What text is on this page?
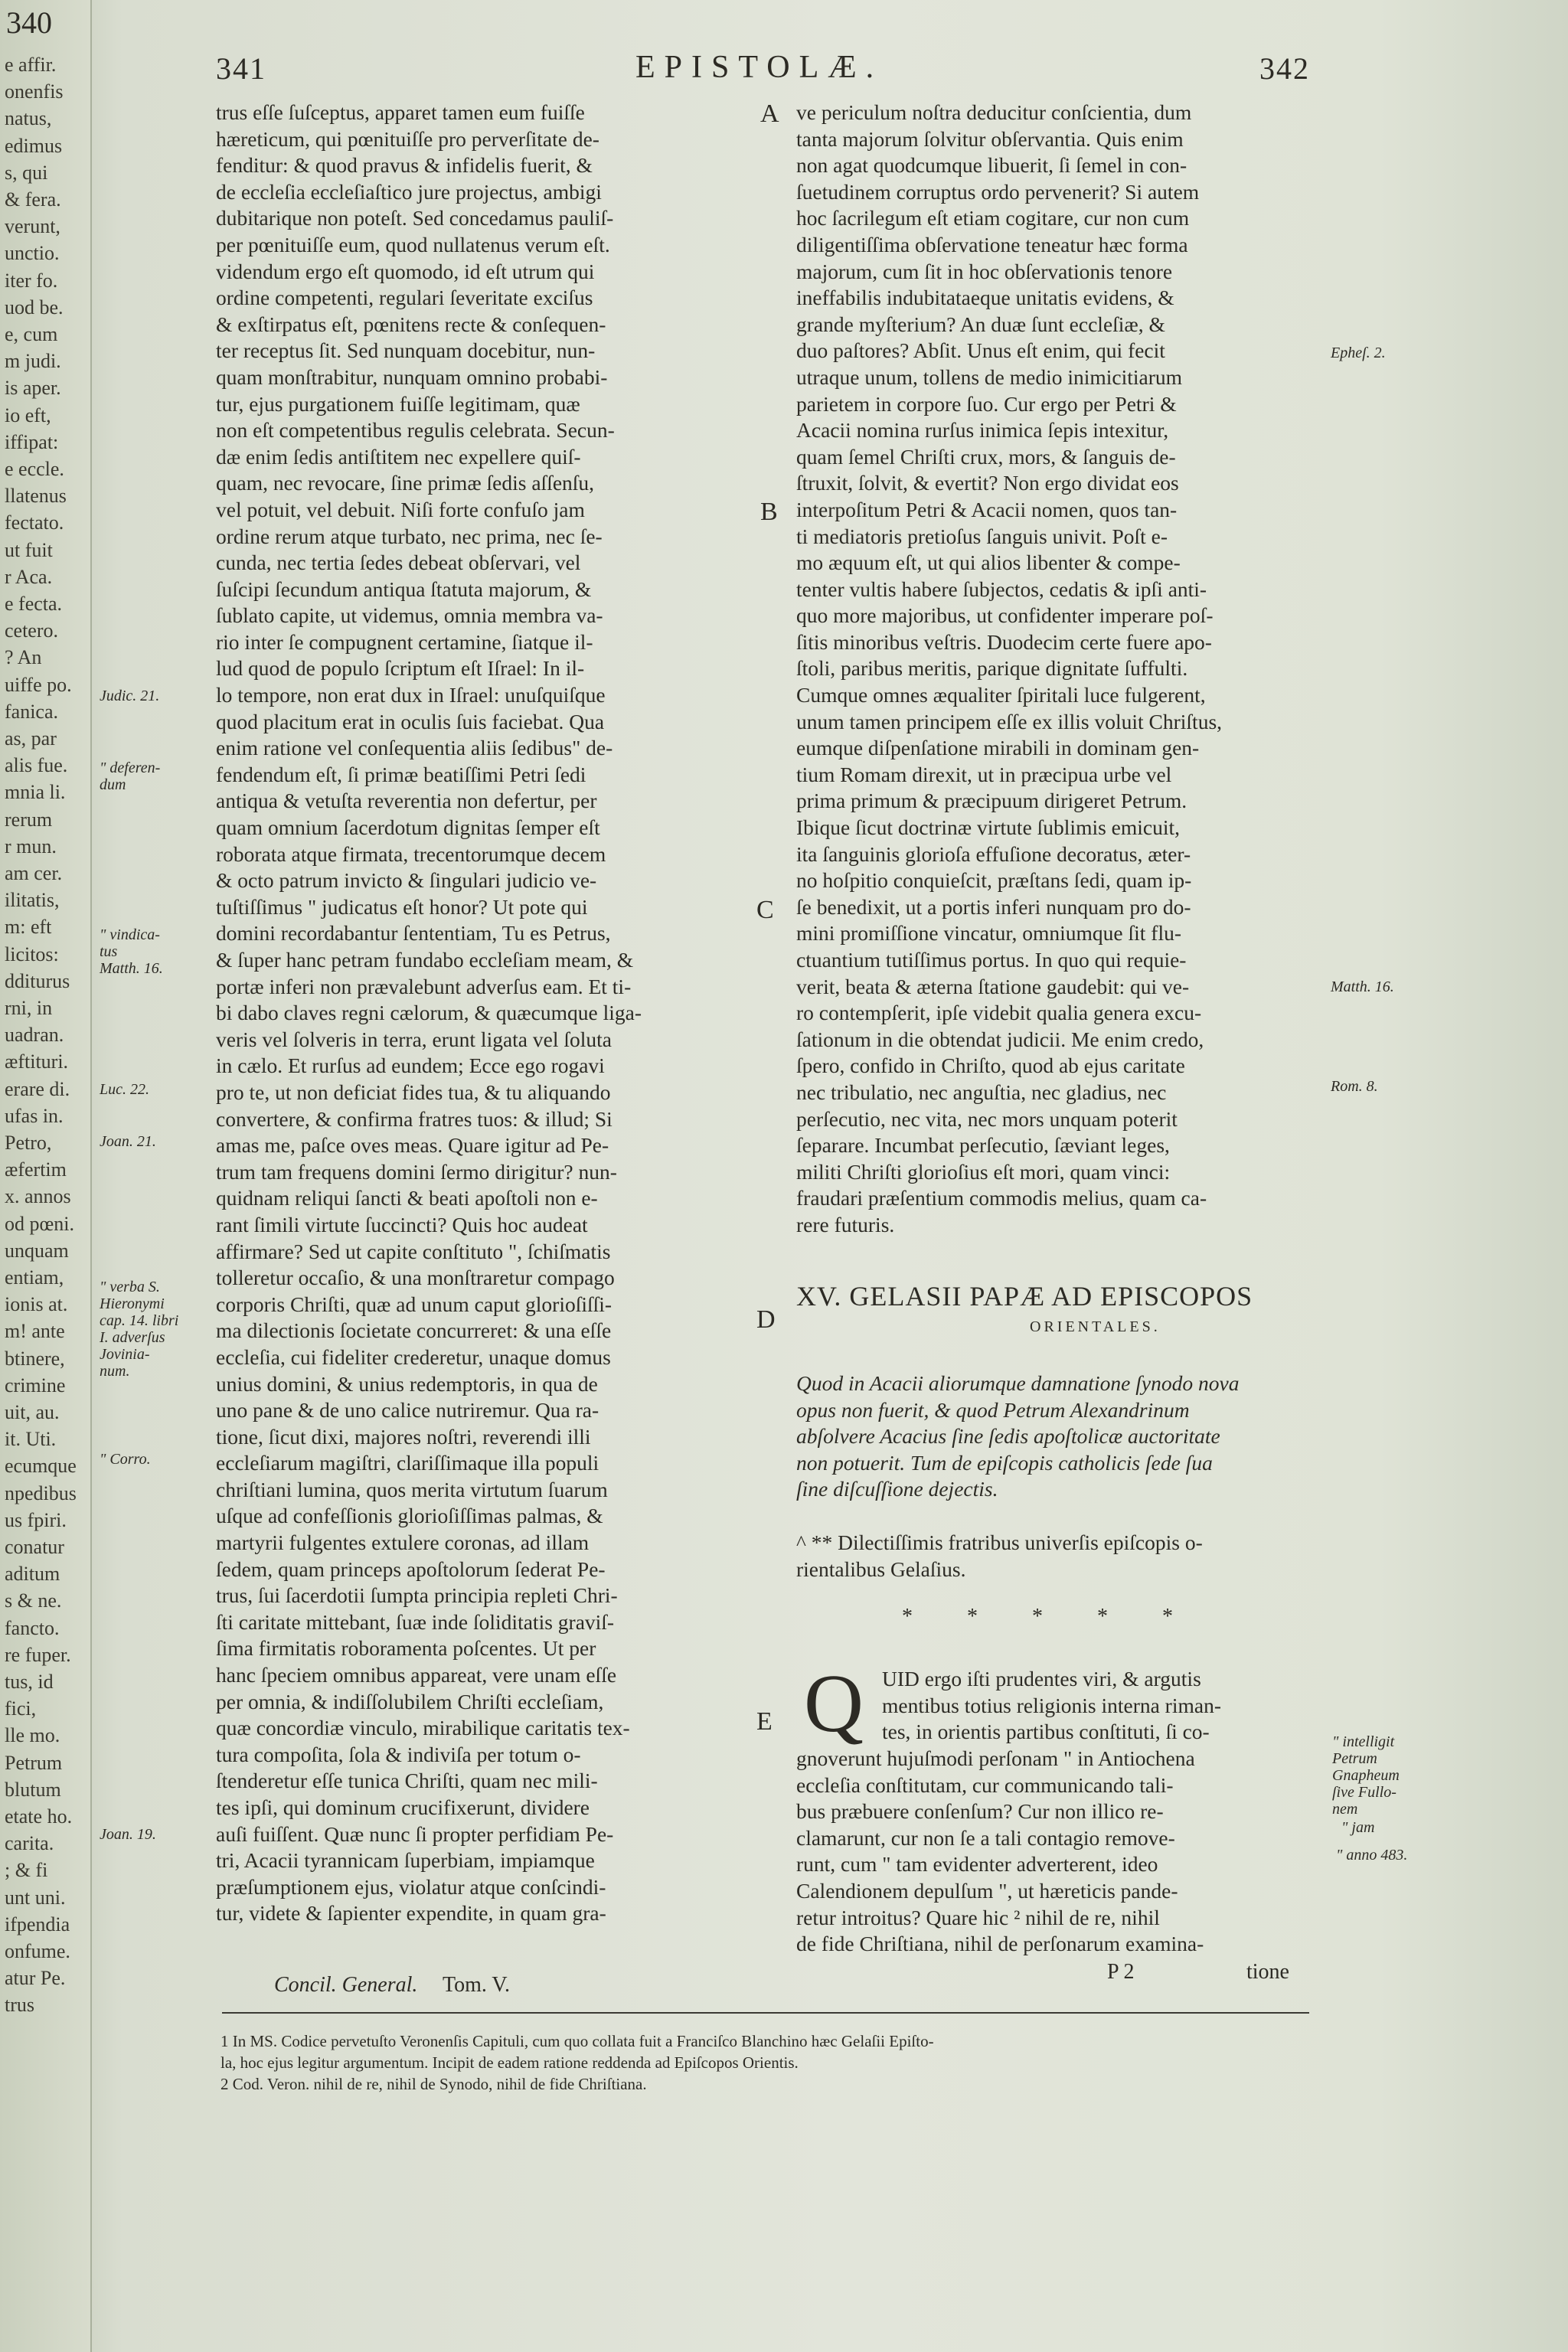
340
e affir.
onenfis
natus,
edimus
s, qui
& fera.
verunt,
unctio.
iter fo.
uod be.
e, cum
m judi.
is aper.
io eft,
iffipat:
e eccle.
llatenus
fectato.
ut fuit
r Aca.
e fecta.
cetero.
? An
uiffe po.
fanica.
as, par
alis fue.
mnia li.
rerum
r mun.
am cer.
ilitatis,
m: eft
licitos:
dditurus
rni, in
uadran.
æftituri.
erare di.
ufas in.
Petro,
æfertim
x. annos
od pœni.
unquam
entiam,
ionis at.
m! ante
btinere,
crimine
uit, au.
it. Uti.
ecumque
npedibus
us fpiri.
conatur
aditum
s & ne.
fancto.
re fuper.
tus, id
fici,
lle mo.
Petrum
blutum
etate ho.
carita.
; & fi
unt uni.
ifpendia
onfume.
atur Pe.
trus
341	EPISTOLÆ.	342
trus eſſe ſuſceptus, apparet tamen eum fuiſſe
hæreticum, qui pœnituiſſe pro perverſitate de-
fenditur: & quod pravus & infidelis fuerit, &
de eccleſia eccleſiaſtico jure projectus, ambigi
dubitarique non poteſt. Sed concedamus pauliſ-
per pœnituiſſe eum, quod nullatenus verum eſt.
videndum ergo eſt quomodo, id eſt utrum qui
ordine competenti, regulari ſeveritate exciſus
& exſtirpatus eſt, pœnitens recte & conſequen-
ter receptus ſit. Sed nunquam docebitur, nun-
quam monſtrabitur, nunquam omnino probabi-
tur, ejus purgationem fuiſſe legitimam, quæ
non eſt competentibus regulis celebrata. Secun-
dæ enim ſedis antiſtitem nec expellere quiſ-
quam, nec revocare, ſine primæ ſedis aſſenſu,
vel potuit, vel debuit. Niſi forte confuſo jam
ordine rerum atque turbato, nec prima, nec ſe-
cunda, nec tertia ſedes debeat obſervari, vel
ſuſcipi ſecundum antiqua ſtatuta majorum, &
ſublato capite, ut videmus, omnia membra va-
rio inter ſe compugnent certamine, ſiatque il-
lud quod de populo ſcriptum eſt Iſrael: In il-
lo tempore, non erat dux in Iſrael: unuſquiſque
quod placitum erat in oculis ſuis faciebat. Qua
enim ratione vel conſequentia aliis ſedibus" de-
fendendum eſt, ſi primæ beatiſſimi Petri ſedi
antiqua & vetuſta reverentia non defertur, per
quam omnium ſacerdotum dignitas ſemper eſt
roborata atque firmata, trecentorumque decem
& octo patrum invicto & ſingulari judicio ve-
tuſtiſſimus " judicatus eſt honor? Ut pote qui
domini recordabantur ſententiam, Tu es Petrus,
& ſuper hanc petram fundabo eccleſiam meam, &
portæ inferi non prævalebunt adverſus eam. Et ti-
bi dabo claves regni cælorum, & quæcumque liga-
veris vel ſolveris in terra, erunt ligata vel ſoluta
in cælo. Et rurſus ad eundem; Ecce ego rogavi
pro te, ut non deficiat fides tua, & tu aliquando
convertere, & confirma fratres tuos: & illud; Si
amas me, paſce oves meas. Quare igitur ad Pe-
trum tam frequens domini ſermo dirigitur? nun-
quidnam reliqui ſancti & beati apoſtoli non e-
rant ſimili virtute ſuccincti? Quis hoc audeat
affirmare? Sed ut capite conſtituto ", ſchiſmatis
tolleretur occaſio, & una monſtraretur compago
corporis Chriſti, quæ ad unum caput glorioſiſſi-
ma dilectionis ſocietate concurreret: & una eſſe
eccleſia, cui fideliter crederetur, unaque domus
unius domini, & unius redemptoris, in qua de
uno pane & de uno calice nutriremur. Qua ra-
tione, ſicut dixi, majores noſtri, reverendi illi
eccleſiarum magiſtri, clariſſimaque illa populi
chriſtiani lumina, quos merita virtutum ſuarum
uſque ad confeſſionis glorioſiſſimas palmas, &
martyrii fulgentes extulere coronas, ad illam
ſedem, quam princeps apoſtolorum ſederat Pe-
trus, ſui ſacerdotii ſumpta principia repleti Chri-
ſti caritate mittebant, ſuæ inde ſoliditatis graviſ-
ſima firmitatis roboramenta poſcentes. Ut per
hanc ſpeciem omnibus appareat, vere unam eſſe
per omnia, & indiſſolubilem Chriſti eccleſiam,
quæ concordiæ vinculo, mirabilique caritatis tex-
tura compoſita, ſola & indiviſa per totum o-
ſtenderetur eſſe tunica Chriſti, quam nec mili-
tes ipſi, qui dominum crucifixerunt, dividere
auſi fuiſſent. Quæ nunc ſi propter perfidiam Pe-
tri, Acacii tyrannicam ſuperbiam, impiamque
præſumptionem ejus, violatur atque conſcindi-
tur, videte & ſapienter expendite, in quam gra-
Concil. General. Tom. V.
ve periculum noſtra deducitur conſcientia, dum
tanta majorum ſolvitur obſervantia. Quis enim
non agat quodcumque libuerit, ſi ſemel in con-
ſuetudinem corruptus ordo pervenerit? Si autem
hoc ſacrilegum eſt etiam cogitare, cur non cum
diligentiſſima obſervatione teneatur hæc forma
majorum, cum ſit in hoc obſervationis tenore
ineffabilis indubitataeque unitatis evidens, &
grande myſterium? An duæ ſunt eccleſiæ, &
duo paſtores? Abſit. Unus eſt enim, qui fecit
utraque unum, tollens de medio inimicitiarum
parietem in corpore ſuo. Cur ergo per Petri &
Acacii nomina rurſus inimica ſepis intexitur,
quam ſemel Chriſti crux, mors, & ſanguis de-
ſtruxit, ſolvit, & evertit? Non ergo dividat eos
interpoſitum Petri & Acacii nomen, quos tan-
ti mediatoris pretioſus ſanguis univit. Poſt e-
mo æquum eſt, ut qui alios libenter & compe-
tenter vultis habere ſubjectos, cedatis & ipſi anti-
quo more majoribus, ut confidenter imperare poſ-
ſitis minoribus veſtris. Duodecim certe fuere apo-
ſtoli, paribus meritis, parique dignitate ſuffulti.
Cumque omnes æqualiter ſpiritali luce fulgerent,
unum tamen principem eſſe ex illis voluit Chriſtus,
eumque diſpenſatione mirabili in dominam gen-
tium Romam direxit, ut in præcipua urbe vel
prima primum & præcipuum dirigeret Petrum.
Ibique ſicut doctrinæ virtute ſublimis emicuit,
ita ſanguinis glorioſa effuſione decoratus, æter-
no hoſpitio conquieſcit, præſtans ſedi, quam ip-
ſe benedixit, ut a portis inferi nunquam pro do-
mini promiſſione vincatur, omniumque ſit flu-
ctuantium tutiſſimus portus. In quo qui requie-
verit, beata & æterna ſtatione gaudebit: qui ve-
ro contempſerit, ipſe videbit qualia genera excu-
ſationum in die obtendat judicii. Me enim credo,
ſpero, confido in Chriſto, quod ab ejus caritate
nec tribulatio, nec anguſtia, nec gladius, nec
perſecutio, nec vita, nec mors unquam poterit
ſeparare. Incumbat perſecutio, ſæviant leges,
militi Chriſti glorioſius eſt mori, quam vinci:
fraudari præſentium commodis melius, quam ca-
rere futuris.
XV. GELASII PAPÆ AD EPISCOPOS
ORIENTALES.
Quod in Acacii aliorumque damnatione ſynodo nova
opus non fuerit, & quod Petrum Alexandrinum
abſolvere Acacius ſine ſedis apoſtolicæ auctoritate
non potuerit. Tum de epiſcopis catholicis ſede ſua
ſine diſcuſſione dejectis.
^ ** Dilectiſſimis fratribus univerſis epiſcopis o-
rientalibus Gelaſius.
* * * * *
Q UID ergo iſti prudentes viri, & argutis
mentibus totius religionis interna riman-
tes, in orientis partibus conſtituti, ſi co-
gnoverunt hujuſmodi perſonam " in Antiochena
eccleſia conſtitutam, cur communicando tali-
bus præbuere conſenſum? Cur non illico re-
clamarunt, cur non ſe a tali contagio remove-
runt, cum " tam evidenter adverterent, ideo
Calendionem depulſum ", ut hæreticis pande-
retur introitus? Quare hic ² nihil de re, nihil
de fide Chriſtiana, nihil de perſonarum examina-
P 2	tione
A
B
C
D
E
Judic. 21.
" deferen-
dum
" vindica-
tus
Matth. 16.
Luc. 22.
Joan. 21.
" verba S.
Hieronymi
cap. 14. libri
I. adverſus
Jovinia-
num.
" Corro.
Joan. 19.
Epheſ. 2.
Matth. 16.
Rom. 8.
" intelligit
Petrum
Gnapheum
ſive Fullo-
nem
" jam
" anno 483.
1 In MS. Codice pervetuſto Veronenſis Capituli, cum quo collata fuit a Franciſco Blanchino hæc Gelaſii Epiſto-
la, hoc ejus legitur argumentum. Incipit de eadem ratione reddenda ad Epiſcopos Orientis.
2 Cod. Veron. nihil de re, nihil de Synodo, nihil de fide Chriſtiana.
